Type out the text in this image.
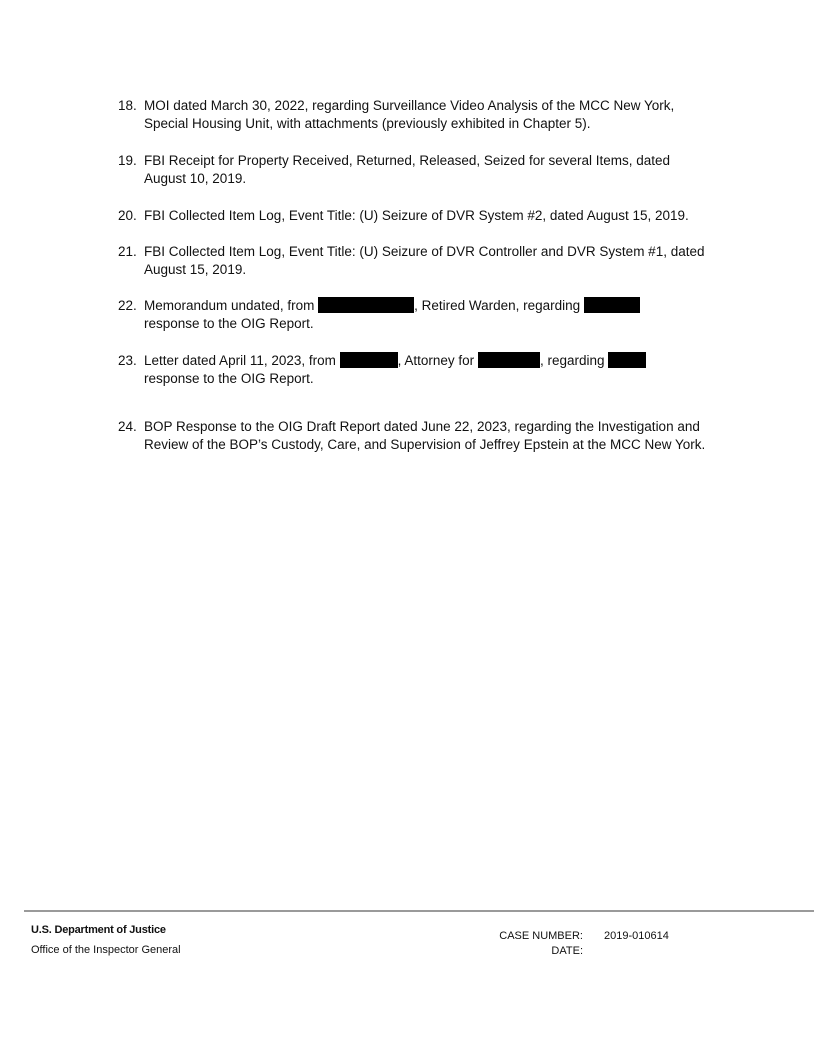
18. MOI dated March 30, 2022, regarding Surveillance Video Analysis of the MCC New York,
Special Housing Unit, with attachments (previously exhibited in Chapter 5).
19. FBI Receipt for Property Received, Returned, Released, Seized for several Items, dated
August 10, 2019.
20. FBI Collected Item Log, Event Title: (U) Seizure of DVR System #2, dated August 15, 2019.
21. FBI Collected Item Log, Event Title: (U) Seizure of DVR Controller and DVR System #1, dated
August 15, 2019.
22. Memorandum undated, from	, Retired Warden, regarding
response to the OIG Report.
23. Letter dated April 11, 2023, from	, Attorney for	, regarding
response to the OIG Report.
24. BOP Response to the OIG Draft Report dated June 22, 2023, regarding the Investigation and
Review of the BOP’s Custody, Care, and Supervision of Jeffrey Epstein at the MCC New York.
U.S. Department of Justice
Office of the Inspector General
CASE NUMBER: 2019-010614
DATE:
